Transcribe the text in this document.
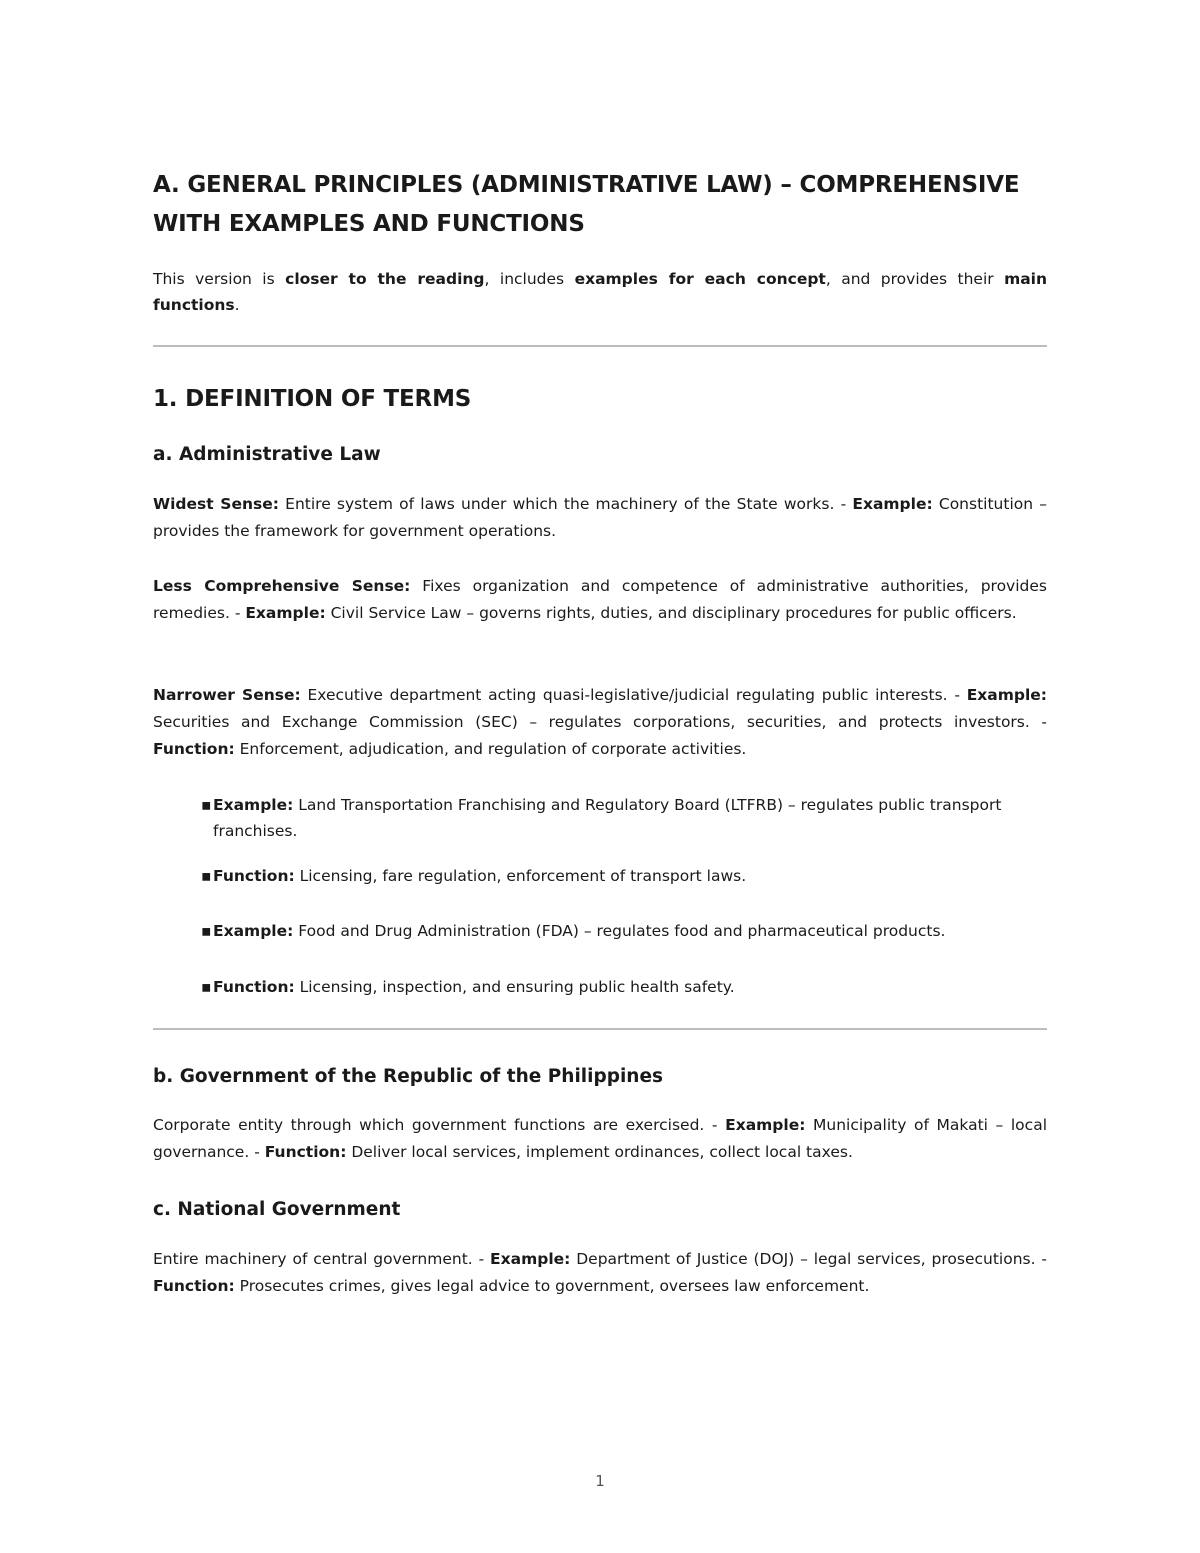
A. GENERAL PRINCIPLES (ADMINISTRATIVE LAW) – COMPREHENSIVE WITH EXAMPLES AND FUNCTIONS

This version is closer to the reading, includes examples for each concept, and provides their main functions.

1. DEFINITION OF TERMS
a. Administrative Law

Widest Sense: Entire system of laws under which the machinery of the State works. - Example: Constitution – provides the framework for government operations.

Less Comprehensive Sense: Fixes organization and competence of administrative authorities, provides remedies. - Example: Civil Service Law – governs rights, duties, and disciplinary procedures for public officers.

Narrower Sense: Executive department acting quasi-legislative/judicial regulating public interests. - Example: Securities and Exchange Commission (SEC) – regulates corporations, securities, and protects investors. - Function: Enforcement, adjudication, and regulation of corporate activities.

▪ Example: Land Transportation Franchising and Regulatory Board (LTFRB) – regulates public transport franchises.
▪ Function: Licensing, fare regulation, enforcement of transport laws.
▪ Example: Food and Drug Administration (FDA) – regulates food and pharmaceutical products.
▪ Function: Licensing, inspection, and ensuring public health safety.
b. Government of the Republic of the Philippines

Corporate entity through which government functions are exercised. - Example: Municipality of Makati – local governance. - Function: Deliver local services, implement ordinances, collect local taxes.

c. National Government

Entire machinery of central government. - Example: Department of Justice (DOJ) – legal services, prosecutions. - Function: Prosecutes crimes, gives legal advice to government, oversees law enforcement.

1
